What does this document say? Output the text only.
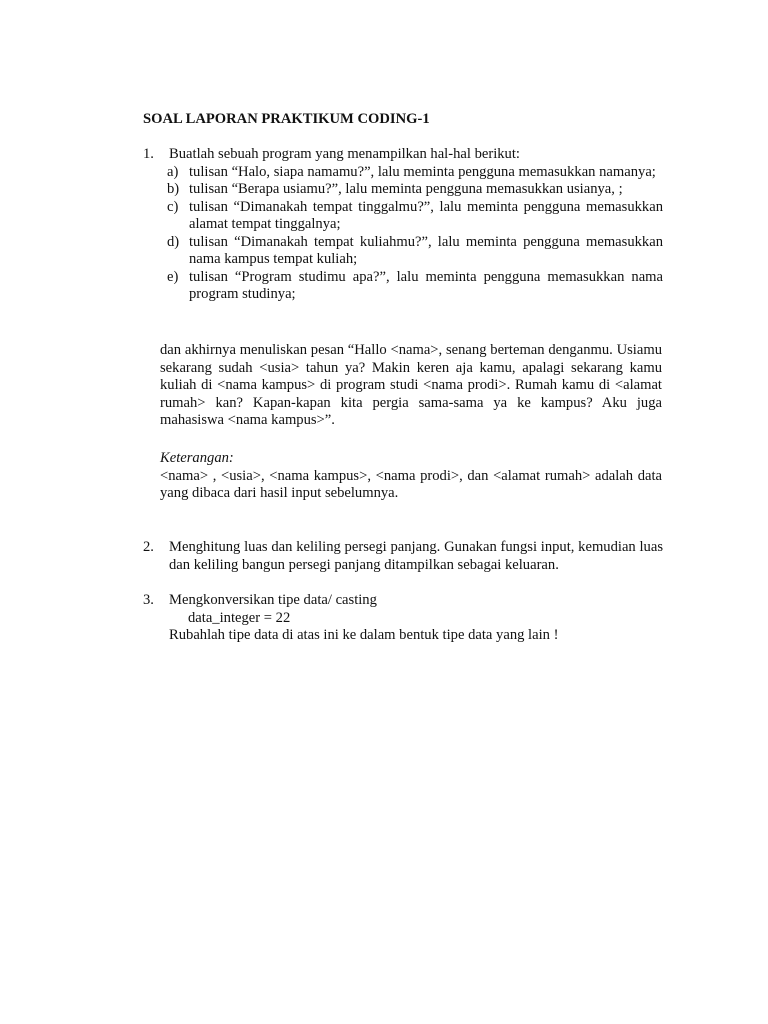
SOAL LAPORAN PRAKTIKUM CODING-1
1.	Buatlah sebuah program yang menampilkan hal-hal berikut:
a) tulisan “Halo, siapa namamu?”, lalu meminta pengguna memasukkan namanya;
b) tulisan “Berapa usiamu?”, lalu meminta pengguna memasukkan usianya, ;
c) tulisan “Dimanakah tempat tinggalmu?”, lalu meminta pengguna memasukkan alamat tempat tinggalnya;
d) tulisan “Dimanakah tempat kuliahmu?”, lalu meminta pengguna memasukkan nama kampus tempat kuliah;
e) tulisan “Program studimu apa?”, lalu meminta pengguna memasukkan nama program studinya;
dan akhirnya menuliskan pesan “Hallo <nama>, senang berteman denganmu. Usiamu sekarang sudah <usia> tahun ya? Makin keren aja kamu, apalagi sekarang kamu kuliah di <nama kampus> di program studi <nama prodi>. Rumah kamu di <alamat rumah> kan? Kapan-kapan kita pergia sama-sama ya ke kampus? Aku juga mahasiswa <nama kampus>”.
Keterangan:
<nama> , <usia>, <nama kampus>, <nama prodi>, dan <alamat rumah> adalah data yang dibaca dari hasil input sebelumnya.
2.	Menghitung luas dan keliling persegi panjang. Gunakan fungsi input, kemudian luas dan keliling bangun persegi panjang ditampilkan sebagai keluaran.
3.	Mengkonversikan tipe data/ casting
data_integer = 22
Rubahlah tipe data di atas ini ke dalam bentuk tipe data yang lain !
